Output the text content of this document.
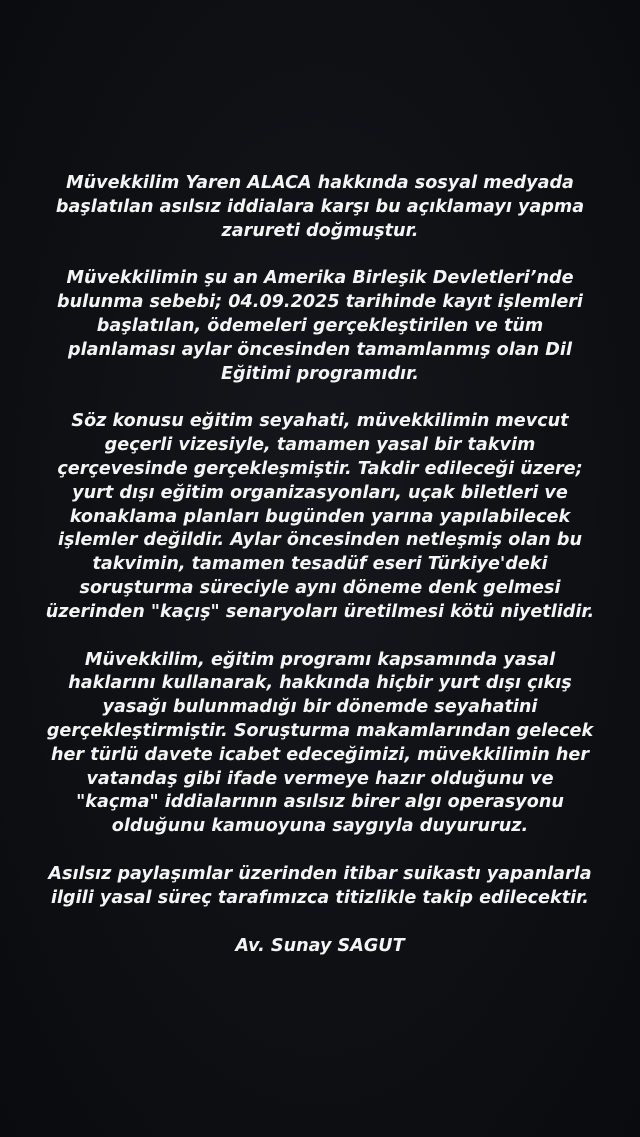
Müvekkilim Yaren ALACA hakkında sosyal medyada
başlatılan asılsız iddialara karşı bu açıklamayı yapma
zarureti doğmuştur.
Müvekkilimin şu an Amerika Birleşik Devletleri’nde
bulunma sebebi; 04.09.2025 tarihinde kayıt işlemleri
başlatılan, ödemeleri gerçekleştirilen ve tüm
planlaması aylar öncesinden tamamlanmış olan Dil
Eğitimi programıdır.
Söz konusu eğitim seyahati, müvekkilimin mevcut
geçerli vizesiyle, tamamen yasal bir takvim
çerçevesinde gerçekleşmiştir. Takdir edileceği üzere;
yurt dışı eğitim organizasyonları, uçak biletleri ve
konaklama planları bugünden yarına yapılabilecek
işlemler değildir. Aylar öncesinden netleşmiş olan bu
takvimin, tamamen tesadüf eseri Türkiye'deki
soruşturma süreciyle aynı döneme denk gelmesi
üzerinden "kaçış" senaryoları üretilmesi kötü niyetlidir.
Müvekkilim, eğitim programı kapsamında yasal
haklarını kullanarak, hakkında hiçbir yurt dışı çıkış
yasağı bulunmadığı bir dönemde seyahatini
gerçekleştirmiştir. Soruşturma makamlarından gelecek
her türlü davete icabet edeceğimizi, müvekkilimin her
vatandaş gibi ifade vermeye hazır olduğunu ve
"kaçma" iddialarının asılsız birer algı operasyonu
olduğunu kamuoyuna saygıyla duyururuz.
Asılsız paylaşımlar üzerinden itibar suikastı yapanlarla
ilgili yasal süreç tarafımızca titizlikle takip edilecektir.
Av. Sunay SAGUT
